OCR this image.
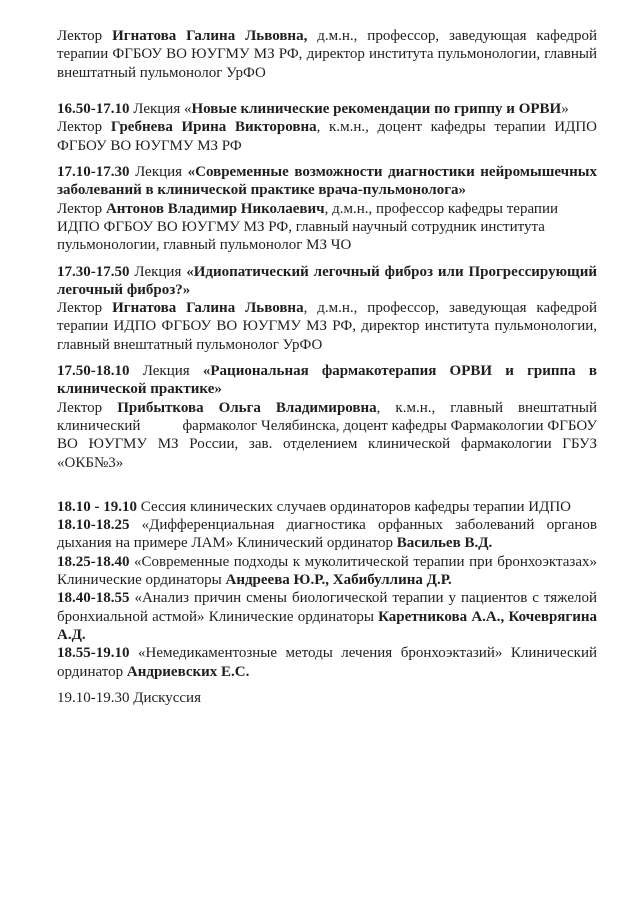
Лектор Игнатова Галина Львовна, д.м.н., профессор, заведующая кафедрой терапии ФГБОУ ВО ЮУГМУ МЗ РФ, директор института пульмонологии, главный внештатный пульмонолог УрФО

16.50-17.10 Лекция «Новые клинические рекомендации по гриппу и ОРВИ»

Лектор Гребнева Ирина Викторовна, к.м.н., доцент кафедры терапии ИДПО ФГБОУ ВО ЮУГМУ МЗ РФ

17.10-17.30 Лекция «Современные возможности диагностики нейромышечных заболеваний в клинической практике врача-пульмонолога»

Лектор Антонов Владимир Николаевич, д.м.н., профессор кафедры терапии ИДПО ФГБОУ ВО ЮУГМУ МЗ РФ, главный научный сотрудник института пульмонологии, главный пульмонолог МЗ ЧО

17.30-17.50 Лекция «Идиопатический легочный фиброз или Прогрессирующий легочный фиброз?»

Лектор Игнатова Галина Львовна, д.м.н., профессор, заведующая кафедрой терапии ИДПО ФГБОУ ВО ЮУГМУ МЗ РФ, директор института пульмонологии, главный внештатный пульмонолог УрФО

17.50-18.10 Лекция «Рациональная фармакотерапия ОРВИ и гриппа в клинической практике»

Лектор Прибыткова Ольга Владимировна, к.м.н., главный внештатный клинический	фармаколог Челябинска, доцент кафедры Фармакологии ФГБОУ ВО ЮУГМУ МЗ России, зав. отделением клинической фармакологии ГБУЗ «ОКБ№3»

18.10 - 19.10 Сессия клинических случаев ординаторов кафедры терапии ИДПО

18.10-18.25 «Дифференциальная диагностика орфанных заболеваний органов дыхания на примере ЛАМ» Клинический ординатор Васильев В.Д.

18.25-18.40 «Современные подходы к муколитической терапии при бронхоэктазах» Клинические ординаторы Андреева Ю.Р., Хабибуллина Д.Р.

18.40-18.55 «Анализ причин смены биологической терапии у пациентов с тяжелой бронхиальной астмой» Клинические ординаторы Каретникова А.А., Кочеврягина А.Д.

18.55-19.10 «Немедикаментозные методы лечения бронхоэктазий» Клинический ординатор Андриевских Е.С.

19.10-19.30 Дискуссия
